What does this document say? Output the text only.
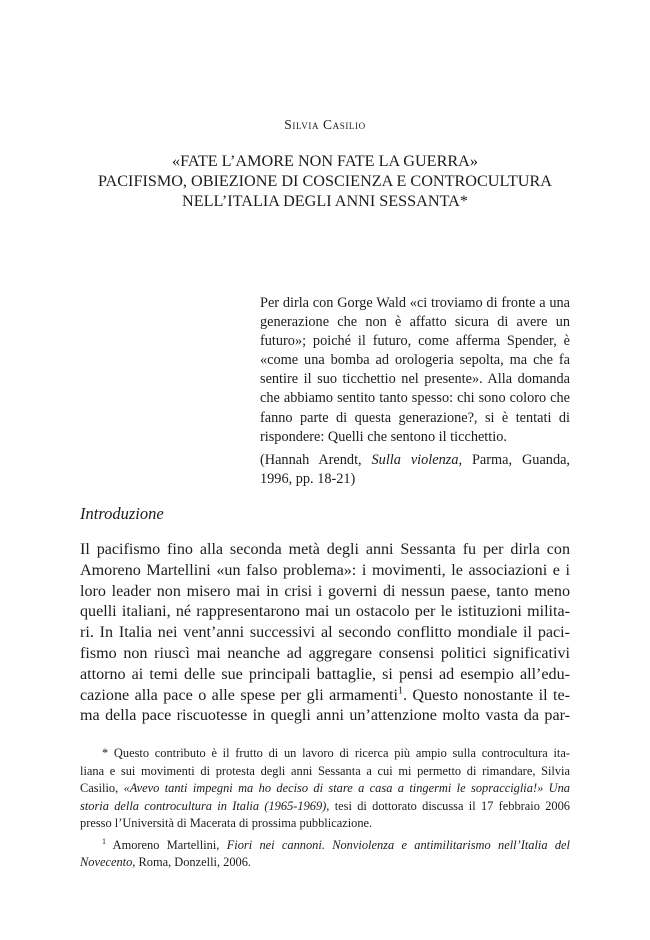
Silvia Casilio
«FATE L’AMORE NON FATE LA GUERRA»
PACIFISMO, OBIEZIONE DI COSCIENZA E CONTROCULTURA
NELL’ITALIA DEGLI ANNI SESSANTA*

Per dirla con Gorge Wald «ci troviamo di fronte a una generazione che non è affatto sicura di avere un futuro»; poiché il futuro, come afferma Spender, è «come una bomba ad orologeria sepolta, ma che fa sentire il suo ticchettio nel presente». Alla domanda che abbiamo sentito tanto spesso: chi sono coloro che fanno parte di questa generazione?, si è tentati di rispondere: Quelli che sentono il ticchettio.

(Hannah Arendt, Sulla violenza, Parma, Guanda, 1996, pp. 18-21)

Introduzione
Il pacifismo fino alla seconda metà degli anni Sessanta fu per dirla con
Amoreno Martellini «un falso problema»: i movimenti, le associazioni e i
loro leader non misero mai in crisi i governi di nessun paese, tanto meno
quelli italiani, né rappresentarono mai un ostacolo per le istituzioni milita-
ri. In Italia nei vent’anni successivi al secondo conflitto mondiale il paci-
fismo non riuscì mai neanche ad aggregare consensi politici significativi
attorno ai temi delle sue principali battaglie, si pensi ad esempio all’edu-
cazione alla pace o alle spese per gli armamenti$^1$. Questo nonostante il te-
ma della pace riscuotesse in quegli anni un’attenzione molto vasta da par-
* Questo contributo è il frutto di un lavoro di ricerca più ampio sulla controcultura ita-
liana e sui movimenti di protesta degli anni Sessanta a cui mi permetto di rimandare, Silvia
Casilio, «Avevo tanti impegni ma ho deciso di stare a casa a tingermi le sopracciglia!» Una
storia della controcultura in Italia (1965-1969), tesi di dottorato discussa il 17 febbraio 2006
presso l’Università di Macerata di prossima pubblicazione.
$^1$ Amoreno Martellini, Fiori nei cannoni. Nonviolenza e antimilitarismo nell’Italia del
Novecento, Roma, Donzelli, 2006.
